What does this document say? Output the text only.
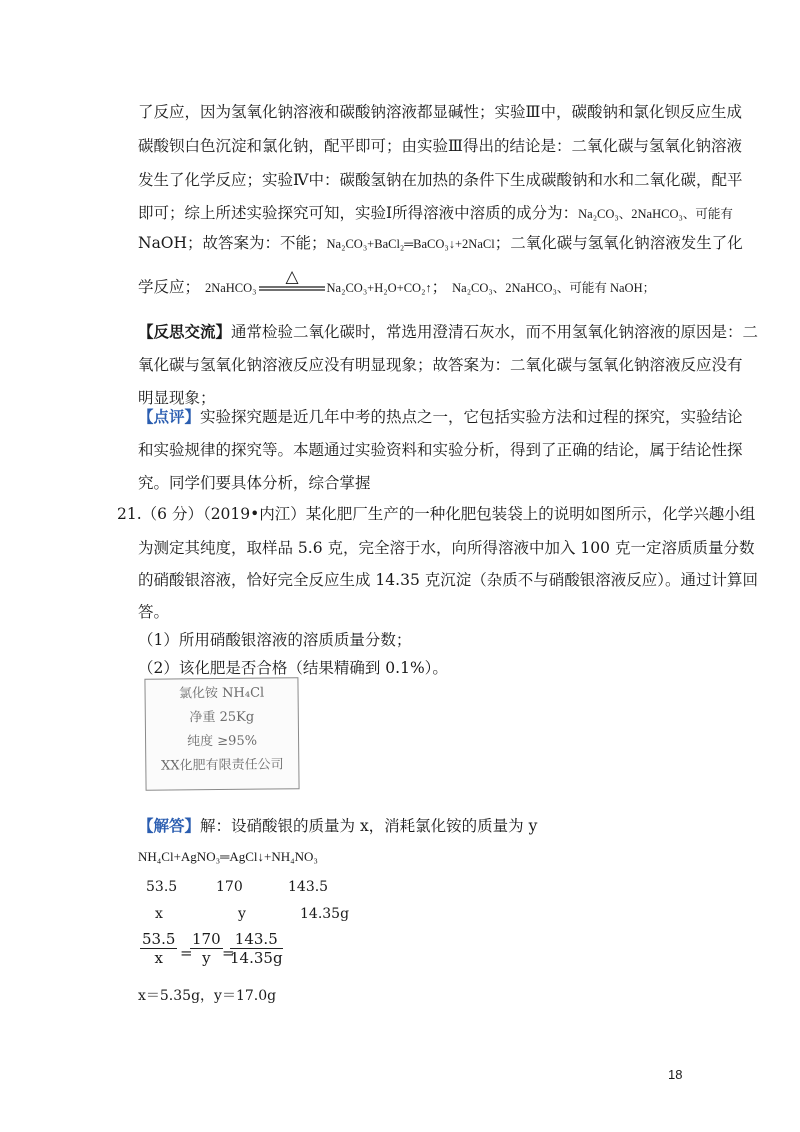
了反应，因为氢氧化钠溶液和碳酸钠溶液都显碱性；实验Ⅲ中，碳酸钠和氯化钡反应生成
碳酸钡白色沉淀和氯化钠，配平即可；由实验Ⅲ得出的结论是：二氧化碳与氢氧化钠溶液
发生了化学反应；实验Ⅳ中：碳酸氢钠在加热的条件下生成碳酸钠和水和二氧化碳，配平
即可；综上所述实验探究可知，实验Ⅰ所得溶液中溶质的成分为：Na₂CO₃、2NaHCO₃、可能有
NaOH；故答案为：不能；Na₂CO₃+BaCl₂═BaCO₃↓+2NaCl；二氧化碳与氢氧化钠溶液发生了化
学反应； 2NaHCO₃
△
Na₂CO₃+H₂O+CO₂↑； Na₂CO₃、2NaHCO₃、可能有 NaOH；
【反思交流】通常检验二氧化碳时，常选用澄清石灰水，而不用氢氧化钠溶液的原因是：二
氧化碳与氢氧化钠溶液反应没有明显现象；故答案为：二氧化碳与氢氧化钠溶液反应没有
明显现象；
【点评】实验探究题是近几年中考的热点之一，它包括实验方法和过程的探究，实验结论
和实验规律的探究等。本题通过实验资料和实验分析，得到了正确的结论，属于结论性探
究。同学们要具体分析，综合掌握
21.（6 分）（2019•内江）某化肥厂生产的一种化肥包装袋上的说明如图所示，化学兴趣小组
为测定其纯度，取样品 5.6 克，完全溶于水，向所得溶液中加入 100 克一定溶质质量分数
的硝酸银溶液，恰好完全反应生成 14.35 克沉淀（杂质不与硝酸银溶液反应）。通过计算回
答。
（1）所用硝酸银溶液的溶质质量分数；
（2）该化肥是否合格（结果精确到 0.1%）。
氯化铵 NH₄Cl
净重 25Kg
纯度 ≥95%
XX化肥有限责任公司
【解答】解：设硝酸银的质量为 x，消耗氯化铵的质量为 y
NH₄Cl+AgNO₃═AgCl↓+NH₄NO₃
53.5	170	143.5
x	y	14.35g
$\frac{53.5}{x}$ =
$\frac{170}{y}$ =
$\frac{143.5}{14.35g}$
x＝5.35g，y＝17.0g
18
